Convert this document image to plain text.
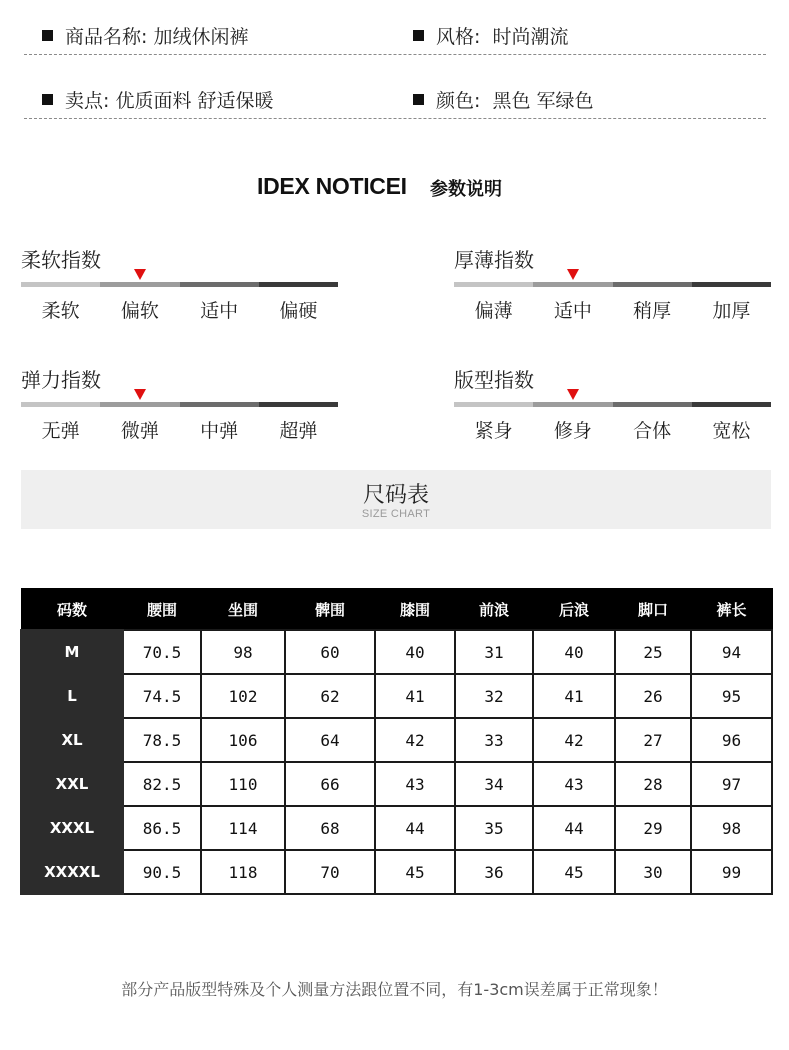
商品名称: 加绒休闲裤	风格: 时尚潮流
卖点: 优质面料 舒适保暖	颜色: 黑色 军绿色
IDEX NOTICEI 参数说明
柔软指数
柔软	偏软	适中	偏硬
厚薄指数
偏薄	适中	稍厚	加厚
弹力指数
无弹	微弹	中弹	超弹
版型指数
紧身	修身	合体	宽松
尺码表
SIZE CHART
码数	腰围	坐围	髀围	膝围	前浪	后浪	脚口	裤长
M	70.5	98	60	40	31	40	25	94
L	74.5	102	62	41	32	41	26	95
XL	78.5	106	64	42	33	42	27	96
XXL	82.5	110	66	43	34	43	28	97
XXXL	86.5	114	68	44	35	44	29	98
XXXXL	90.5	118	70	45	36	45	30	99
部分产品版型特殊及个人测量方法跟位置不同，有1-3cm误差属于正常现象！
